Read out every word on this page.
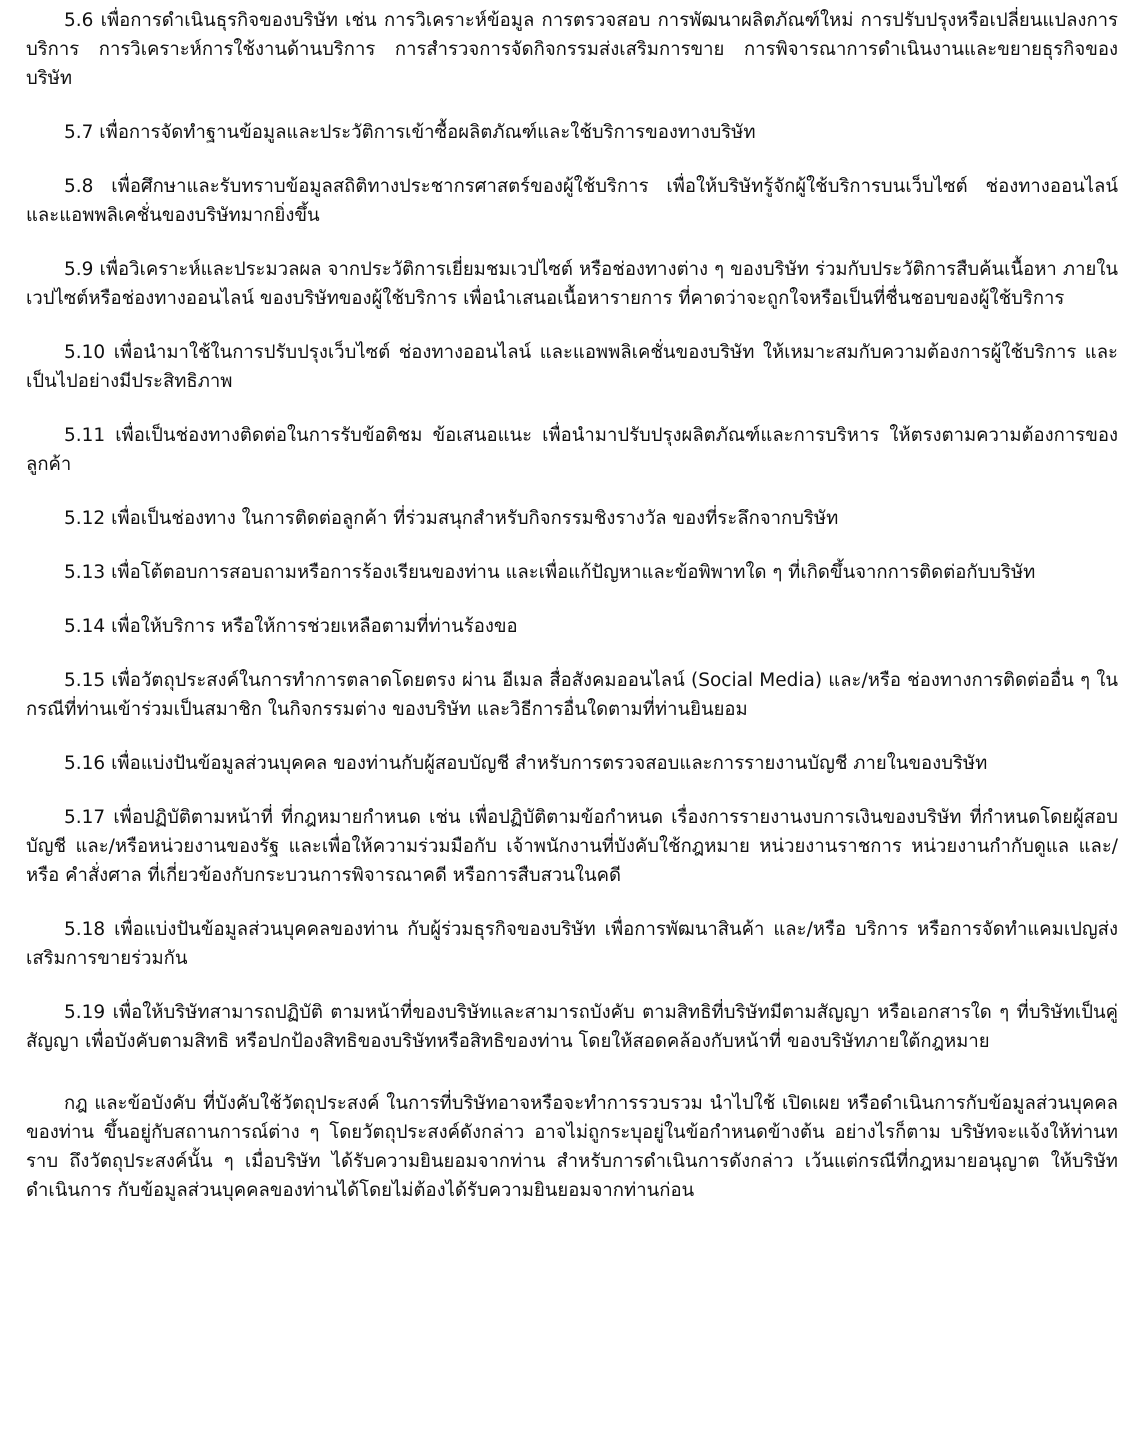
5.6 เพื่อการดำเนินธุรกิจของบริษัท เช่น การวิเคราะห์ข้อมูล การตรวจสอบ การพัฒนาผลิตภัณฑ์ใหม่ การปรับปรุงหรือเปลี่ยนแปลงการบริการ การวิเคราะห์การใช้งานด้านบริการ การสำรวจการจัดกิจกรรมส่งเสริมการขาย การพิจารณาการดำเนินงานและขยายธุรกิจของบริษัท

5.7 เพื่อการจัดทำฐานข้อมูลและประวัติการเข้าซื้อผลิตภัณฑ์และใช้บริการของทางบริษัท

5.8 เพื่อศึกษาและรับทราบข้อมูลสถิติทางประชากรศาสตร์ของผู้ใช้บริการ เพื่อให้บริษัทรู้จักผู้ใช้บริการบนเว็บไซต์ ช่องทางออนไลน์ และแอพพลิเคชั่นของบริษัทมากยิ่งขึ้น

5.9 เพื่อวิเคราะห์และประมวลผล จากประวัติการเยี่ยมชมเวปไซต์ หรือช่องทางต่าง ๆ ของบริษัท ร่วมกับประวัติการสืบค้นเนื้อหา ภายในเวปไซต์หรือช่องทางออนไลน์ ของบริษัทของผู้ใช้บริการ เพื่อนำเสนอเนื้อหารายการ ที่คาดว่าจะถูกใจหรือเป็นที่ชื่นชอบของผู้ใช้บริการ

5.10 เพื่อนำมาใช้ในการปรับปรุงเว็บไซต์ ช่องทางออนไลน์ และแอพพลิเคชั่นของบริษัท ให้เหมาะสมกับความต้องการผู้ใช้บริการ และเป็นไปอย่างมีประสิทธิภาพ

5.11 เพื่อเป็นช่องทางติดต่อในการรับข้อติชม ข้อเสนอแนะ เพื่อนำมาปรับปรุงผลิตภัณฑ์และการบริหาร ให้ตรงตามความต้องการของลูกค้า

5.12 เพื่อเป็นช่องทาง ในการติดต่อลูกค้า ที่ร่วมสนุกสำหรับกิจกรรมชิงรางวัล ของที่ระลึกจากบริษัท

5.13 เพื่อโต้ตอบการสอบถามหรือการร้องเรียนของท่าน และเพื่อแก้ปัญหาและข้อพิพาทใด ๆ ที่เกิดขึ้นจากการติดต่อกับบริษัท

5.14 เพื่อให้บริการ หรือให้การช่วยเหลือตามที่ท่านร้องขอ

5.15 เพื่อวัตถุประสงค์ในการทำการตลาดโดยตรง ผ่าน อีเมล สื่อสังคมออนไลน์ (Social Media) และ/หรือ ช่องทางการติดต่ออื่น ๆ ในกรณีที่ท่านเข้าร่วมเป็นสมาชิก ในกิจกรรมต่าง ของบริษัท และวิธีการอื่นใดตามที่ท่านยินยอม

5.16 เพื่อแบ่งปันข้อมูลส่วนบุคคล ของท่านกับผู้สอบบัญชี สำหรับการตรวจสอบและการรายงานบัญชี ภายในของบริษัท

5.17 เพื่อปฏิบัติตามหน้าที่ ที่กฎหมายกำหนด เช่น เพื่อปฏิบัติตามข้อกำหนด เรื่องการรายงานงบการเงินของบริษัท ที่กำหนดโดยผู้สอบบัญชี และ/หรือหน่วยงานของรัฐ และเพื่อให้ความร่วมมือกับ เจ้าพนักงานที่บังคับใช้กฎหมาย หน่วยงานราชการ หน่วยงานกำกับดูแล และ/หรือ คำสั่งศาล ที่เกี่ยวข้องกับกระบวนการพิจารณาคดี หรือการสืบสวนในคดี

5.18 เพื่อแบ่งปันข้อมูลส่วนบุคคลของท่าน กับผู้ร่วมธุรกิจของบริษัท เพื่อการพัฒนาสินค้า และ/หรือ บริการ หรือการจัดทำแคมเปญส่งเสริมการขายร่วมกัน

5.19 เพื่อให้บริษัทสามารถปฏิบัติ ตามหน้าที่ของบริษัทและสามารถบังคับ ตามสิทธิที่บริษัทมีตามสัญญา หรือเอกสารใด ๆ ที่บริษัทเป็นคู่สัญญา เพื่อบังคับตามสิทธิ หรือปกป้องสิทธิของบริษัทหรือสิทธิของท่าน โดยให้สอดคล้องกับหน้าที่ ของบริษัทภายใต้กฎหมาย

กฎ และข้อบังคับ ที่บังคับใช้วัตถุประสงค์ ในการที่บริษัทอาจหรือจะทำการรวบรวม นำไปใช้ เปิดเผย หรือดำเนินการกับข้อมูลส่วนบุคคลของท่าน ขึ้นอยู่กับสถานการณ์ต่าง ๆ โดยวัตถุประสงค์ดังกล่าว อาจไม่ถูกระบุอยู่ในข้อกำหนดข้างต้น อย่างไรก็ตาม บริษัทจะแจ้งให้ท่านทราบ ถึงวัตถุประสงค์นั้น ๆ เมื่อบริษัท ได้รับความยินยอมจากท่าน สำหรับการดำเนินการดังกล่าว เว้นแต่กรณีที่กฎหมายอนุญาต ให้บริษัทดำเนินการ กับข้อมูลส่วนบุคคลของท่านได้โดยไม่ต้องได้รับความยินยอมจากท่านก่อน
